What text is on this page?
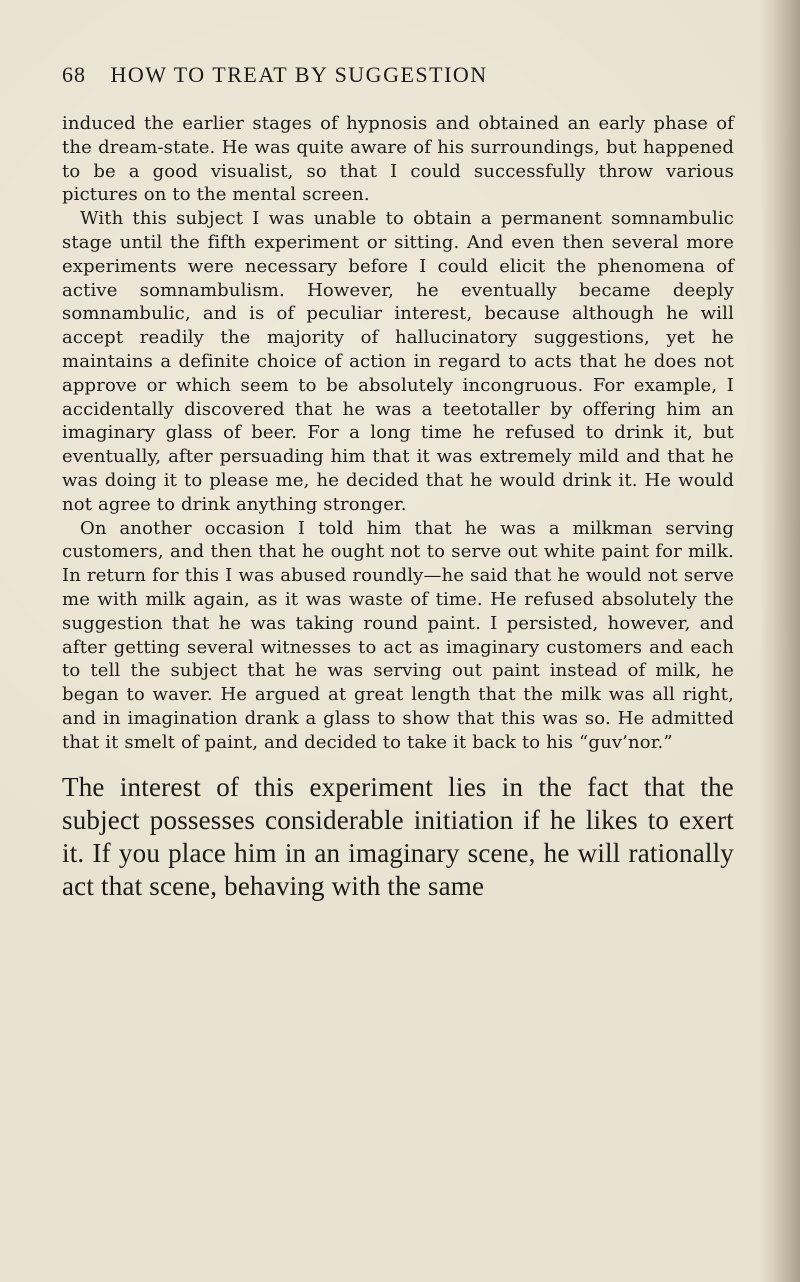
68 HOW TO TREAT BY SUGGESTION

induced the earlier stages of hypnosis and obtained an early phase of the dream-state. He was quite aware of his surroundings, but happened to be a good visualist, so that I could successfully throw various pictures on to the mental screen.

With this subject I was unable to obtain a permanent somnambulic stage until the fifth experiment or sitting. And even then several more experiments were necessary before I could elicit the phenomena of active somnambulism. However, he eventually became deeply somnambulic, and is of peculiar interest, because although he will accept readily the majority of hallucinatory suggestions, yet he maintains a definite choice of action in regard to acts that he does not approve or which seem to be absolutely incongruous. For example, I accidentally discovered that he was a teetotaller by offering him an imaginary glass of beer. For a long time he refused to drink it, but eventually, after persuading him that it was extremely mild and that he was doing it to please me, he decided that he would drink it. He would not agree to drink anything stronger.

On another occasion I told him that he was a milkman serving customers, and then that he ought not to serve out white paint for milk. In return for this I was abused roundly—he said that he would not serve me with milk again, as it was waste of time. He refused absolutely the suggestion that he was taking round paint. I persisted, however, and after getting several witnesses to act as imaginary customers and each to tell the subject that he was serving out paint instead of milk, he began to waver. He argued at great length that the milk was all right, and in imagination drank a glass to show that this was so. He admitted that it smelt of paint, and decided to take it back to his “guv’nor.”

The interest of this experiment lies in the fact that the subject possesses considerable initiation if he likes to exert it. If you place him in an imaginary scene, he will rationally act that scene, behaving with the same
